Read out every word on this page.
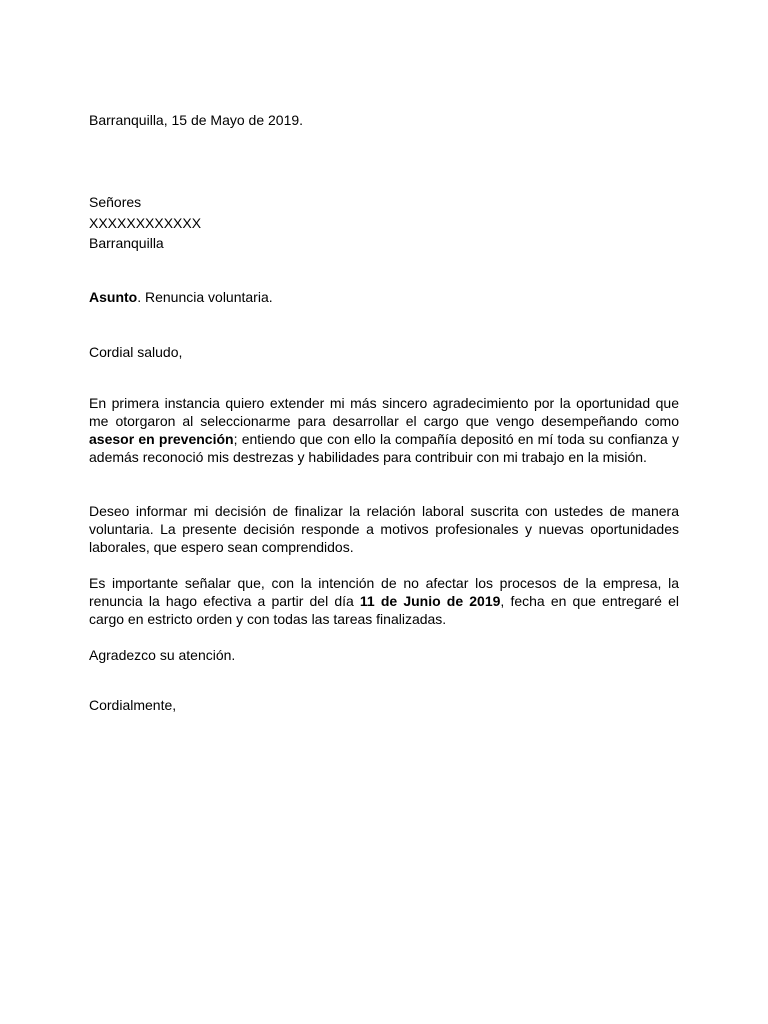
Barranquilla, 15 de Mayo de 2019.

Señores
XXXXXXXXXXXX
Barranquilla

Asunto. Renuncia voluntaria.

Cordial saludo,

En primera instancia quiero extender mi más sincero agradecimiento por la oportunidad que me otorgaron al seleccionarme para desarrollar el cargo que vengo desempeñando como asesor en prevención; entiendo que con ello la compañía depositó en mí toda su confianza y además reconoció mis destrezas y habilidades para contribuir con mi trabajo en la misión.

Deseo informar mi decisión de finalizar la relación laboral suscrita con ustedes de manera voluntaria. La presente decisión responde a motivos profesionales y nuevas oportunidades laborales, que espero sean comprendidos.

Es importante señalar que, con la intención de no afectar los procesos de la empresa, la renuncia la hago efectiva a partir del día 11 de Junio de 2019, fecha en que entregaré el cargo en estricto orden y con todas las tareas finalizadas.

Agradezco su atención.

Cordialmente,
